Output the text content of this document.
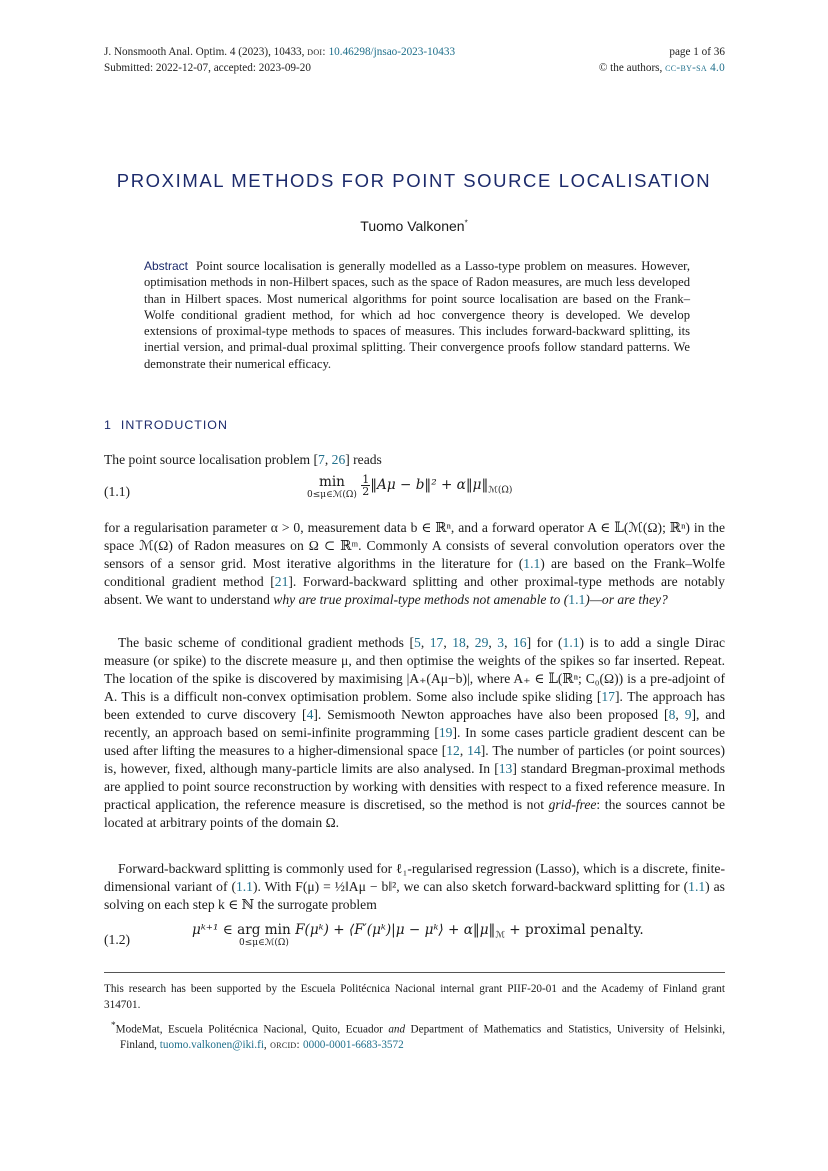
J. Nonsmooth Anal. Optim. 4 (2023), 10433, doi: 10.46298/jnsao-2023-10433
Submitted: 2022-12-07, accepted: 2023-09-20
page 1 of 36
© the authors, cc-by-sa 4.0
PROXIMAL METHODS FOR POINT SOURCE LOCALISATION
Tuomo Valkonen*
Abstract Point source localisation is generally modelled as a Lasso-type problem on measures. However, optimisation methods in non-Hilbert spaces, such as the space of Radon measures, are much less developed than in Hilbert spaces. Most numerical algorithms for point source localisation are based on the Frank–Wolfe conditional gradient method, for which ad hoc convergence theory is developed. We develop extensions of proximal-type methods to spaces of measures. This includes forward-backward splitting, its inertial version, and primal-dual proximal splitting. Their convergence proofs follow standard patterns. We demonstrate their numerical efficacy.
1 INTRODUCTION
The point source localisation problem [7, 26] reads
(1.1)
min
0≤μ∈ℳ(Ω)
$\frac{1}{2}‖A\mu$ − b‖² + $\alpha‖\mu‖_{ℳ(\Omega)}$
for a regularisation parameter α > 0, measurement data b ∈ ℝⁿ, and a forward operator A ∈ 𝕃(ℳ(Ω); ℝⁿ) in the space ℳ(Ω) of Radon measures on Ω ⊂ ℝᵐ. Commonly A consists of several convolution operators over the sensors of a sensor grid. Most iterative algorithms in the literature for (1.1) are based on the Frank–Wolfe conditional gradient method [21]. Forward-backward splitting and other proximal-type methods are notably absent. We want to understand why are true proximal-type methods not amenable to (1.1)—or are they?
The basic scheme of conditional gradient methods [5, 17, 18, 29, 3, 16] for (1.1) is to add a single Dirac measure (or spike) to the discrete measure μ, and then optimise the weights of the spikes so far inserted. Repeat. The location of the spike is discovered by maximising |A₊(Aμ−b)|, where A₊ ∈ 𝕃(ℝⁿ; C₀(Ω)) is a pre-adjoint of A. This is a difficult non-convex optimisation problem. Some also include spike sliding [17]. The approach has been extended to curve discovery [4]. Semismooth Newton approaches have also been proposed [8, 9], and recently, an approach based on semi-infinite programming [19]. In some cases particle gradient descent can be used after lifting the measures to a higher-dimensional space [12, 14]. The number of particles (or point sources) is, however, fixed, although many-particle limits are also analysed. In [13] standard Bregman-proximal methods are applied to point source reconstruction by working with densities with respect to a fixed reference measure. In practical application, the reference measure is discretised, so the method is not grid-free: the sources cannot be located at arbitrary points of the domain Ω.
Forward-backward splitting is commonly used for ℓ₁-regularised regression (Lasso), which is a discrete, finite-dimensional variant of (1.1). With F(μ) = ½‖Aμ − b‖², we can also sketch forward-backward splitting for (1.1) as solving on each step k ∈ ℕ the surrogate problem
(1.2)
μᵏ⁺¹ ∈ arg min
0≤μ∈ℳ(Ω)
F(μᵏ) + ⟨F′(μᵏ)|μ − μᵏ⟩ + $\alpha‖\mu‖_ℳ$ + proximal penalty.
This research has been supported by the Escuela Politécnica Nacional internal grant PIIF-20-01 and the Academy of Finland grant 314701.
*ModeMat, Escuela Politécnica Nacional, Quito, Ecuador and Department of Mathematics and Statistics, University of Helsinki, Finland, tuomo.valkonen@iki.fi, orcid: 0000-0001-6683-3572
